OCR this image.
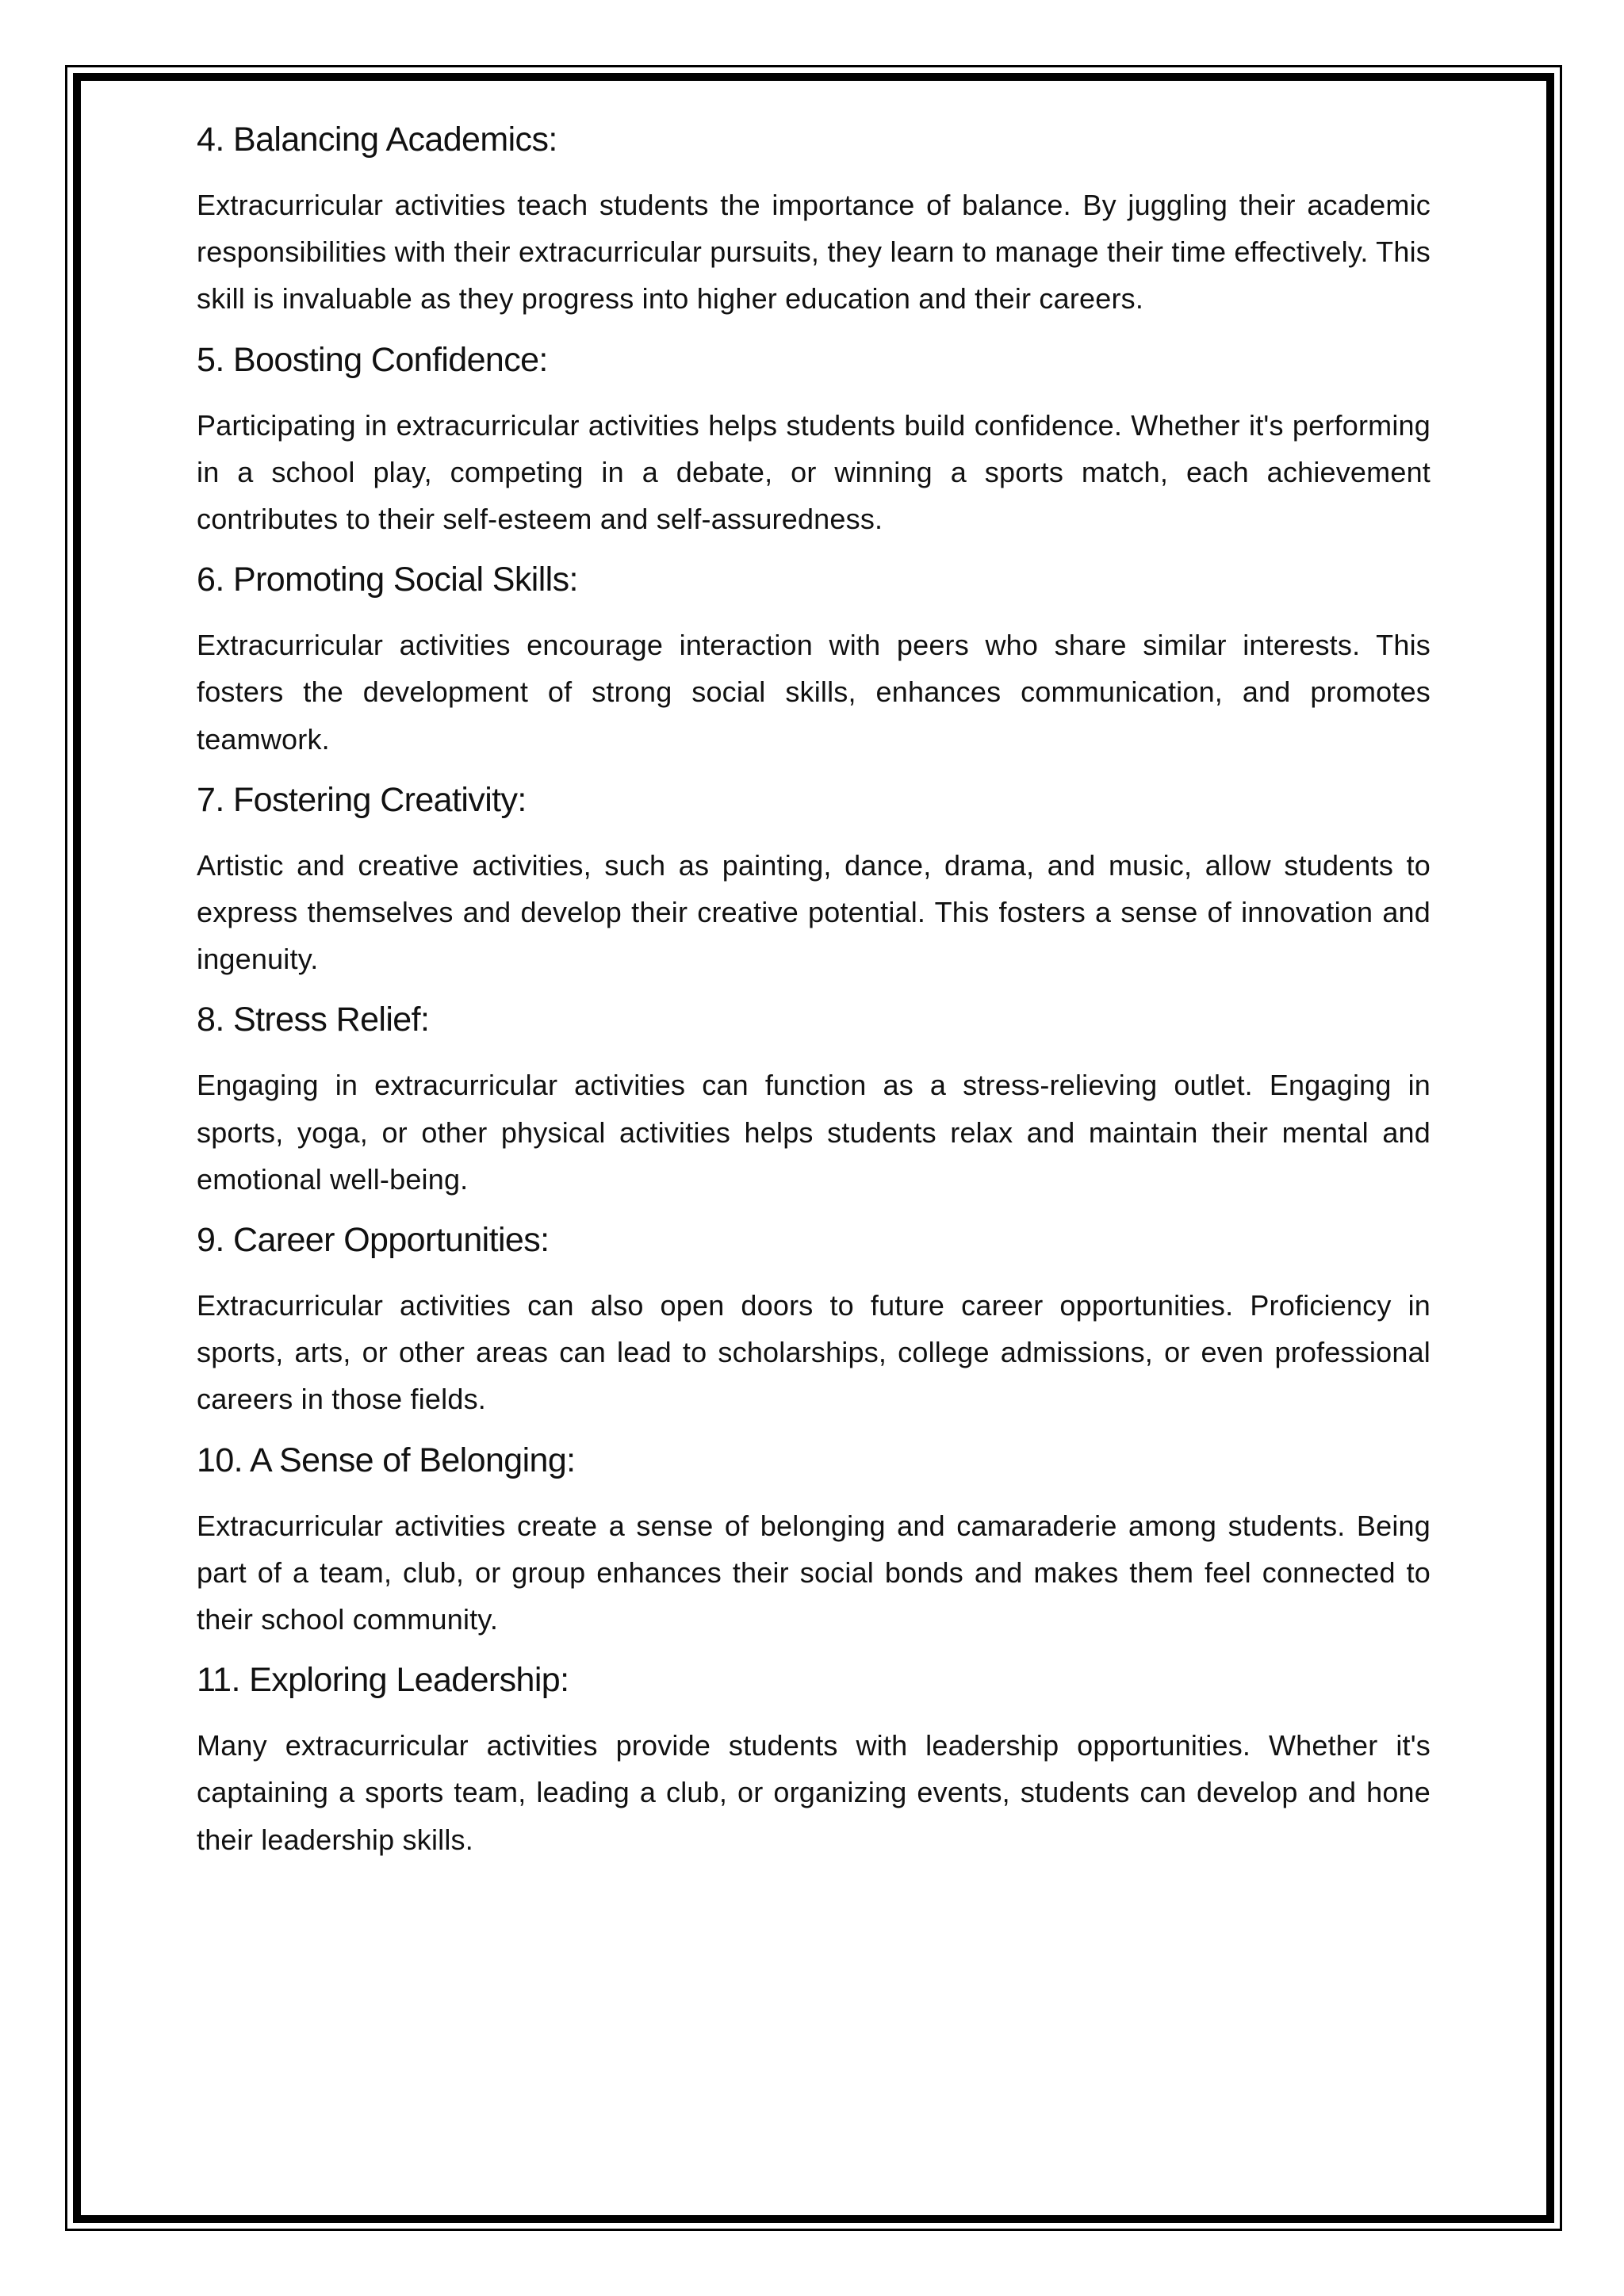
4. Balancing Academics:

Extracurricular activities teach students the importance of balance. By juggling their academic responsibilities with their extracurricular pursuits, they learn to manage their time effectively. This skill is invaluable as they progress into higher education and their careers.

5. Boosting Confidence:

Participating in extracurricular activities helps students build confidence. Whether it's performing in a school play, competing in a debate, or winning a sports match, each achievement contributes to their self-esteem and self-assuredness.

6. Promoting Social Skills:

Extracurricular activities encourage interaction with peers who share similar interests. This fosters the development of strong social skills, enhances communication, and promotes teamwork.

7. Fostering Creativity:

Artistic and creative activities, such as painting, dance, drama, and music, allow students to express themselves and develop their creative potential. This fosters a sense of innovation and ingenuity.

8. Stress Relief:

Engaging in extracurricular activities can function as a stress-relieving outlet. Engaging in sports, yoga, or other physical activities helps students relax and maintain their mental and emotional well-being.

9. Career Opportunities:

Extracurricular activities can also open doors to future career opportunities. Proficiency in sports, arts, or other areas can lead to scholarships, college admissions, or even professional careers in those fields.

10. A Sense of Belonging:

Extracurricular activities create a sense of belonging and camaraderie among students. Being part of a team, club, or group enhances their social bonds and makes them feel connected to their school community.

11. Exploring Leadership:

Many extracurricular activities provide students with leadership opportunities. Whether it's captaining a sports team, leading a club, or organizing events, students can develop and hone their leadership skills.
